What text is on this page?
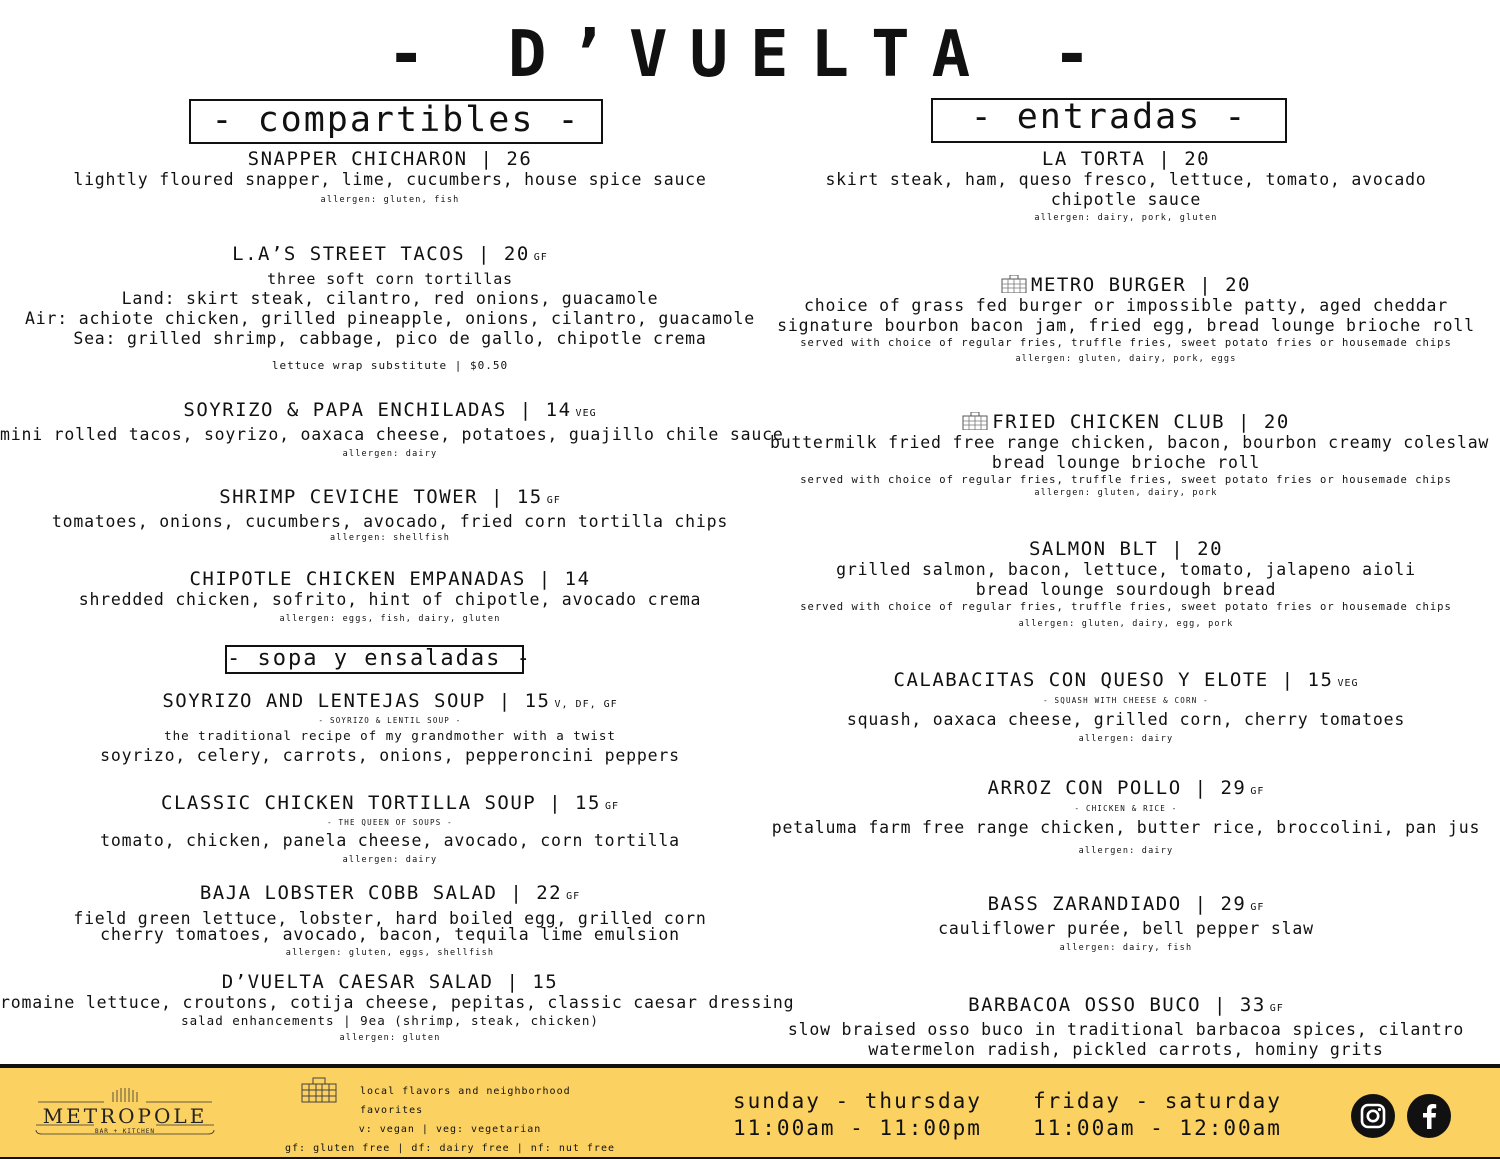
- D’VUELTA -
- compartibles -
SNAPPER CHICHARON | 26
lightly floured snapper, lime, cucumbers, house spice sauce
allergen: gluten, fish
L.A’S STREET TACOS | 20 GF
three soft corn tortillas
Land: skirt steak, cilantro, red onions, guacamole
Air: achiote chicken, grilled pineapple, onions, cilantro, guacamole
Sea: grilled shrimp, cabbage, pico de gallo, chipotle crema
lettuce wrap substitute | $0.50
SOYRIZO & PAPA ENCHILADAS | 14 VEG
mini rolled tacos, soyrizo, oaxaca cheese, potatoes, guajillo chile sauce
allergen: dairy
SHRIMP CEVICHE TOWER | 15 GF
tomatoes, onions, cucumbers, avocado, fried corn tortilla chips
allergen: shellfish
CHIPOTLE CHICKEN EMPANADAS | 14
shredded chicken, sofrito, hint of chipotle, avocado crema
allergen: eggs, fish, dairy, gluten
- sopa y ensaladas -
SOYRIZO AND LENTEJAS SOUP | 15 V, DF, GF
- SOYRIZO & LENTIL SOUP -
the traditional recipe of my grandmother with a twist
soyrizo, celery, carrots, onions, pepperoncini peppers
CLASSIC CHICKEN TORTILLA SOUP | 15 GF
- THE QUEEN OF SOUPS -
tomato, chicken, panela cheese, avocado, corn tortilla
allergen: dairy
BAJA LOBSTER COBB SALAD | 22 GF
field green lettuce, lobster, hard boiled egg, grilled corn
cherry tomatoes, avocado, bacon, tequila lime emulsion
allergen: gluten, eggs, shellfish
D’VUELTA CAESAR SALAD | 15
romaine lettuce, croutons, cotija cheese, pepitas, classic caesar dressing
salad enhancements | 9ea (shrimp, steak, chicken)
allergen: gluten
- entradas -
LA TORTA | 20
skirt steak, ham, queso fresco, lettuce, tomato, avocado
chipotle sauce
allergen: dairy, pork, gluten
METRO BURGER | 20
choice of grass fed burger or impossible patty, aged cheddar
signature bourbon bacon jam, fried egg, bread lounge brioche roll
served with choice of regular fries, truffle fries, sweet potato fries or housemade chips
allergen: gluten, dairy, pork, eggs
FRIED CHICKEN CLUB | 20
buttermilk fried free range chicken, bacon, bourbon creamy coleslaw
bread lounge brioche roll
served with choice of regular fries, truffle fries, sweet potato fries or housemade chips
allergen: gluten, dairy, pork
SALMON BLT | 20
grilled salmon, bacon, lettuce, tomato, jalapeno aioli
bread lounge sourdough bread
served with choice of regular fries, truffle fries, sweet potato fries or housemade chips
allergen: gluten, dairy, egg, pork
CALABACITAS CON QUESO Y ELOTE | 15 VEG
- SQUASH WITH CHEESE & CORN -
squash, oaxaca cheese, grilled corn, cherry tomatoes
allergen: dairy
ARROZ CON POLLO | 29 GF
- CHICKEN & RICE -
petaluma farm free range chicken, butter rice, broccolini, pan jus
allergen: dairy
BASS ZARANDIADO | 29 GF
cauliflower purée, bell pepper slaw
allergen: dairy, fish
BARBACOA OSSO BUCO | 33 GF
slow braised osso buco in traditional barbacoa spices, cilantro
watermelon radish, pickled carrots, hominy grits
METROPOLE
BAR + KITCHEN
local flavors and neighborhood favorites
v: vegan | veg: vegetarian
gf: gluten free | df: dairy free | nf: nut free
sunday - thursday
11:00am - 11:00pm
friday - saturday
11:00am - 12:00am
